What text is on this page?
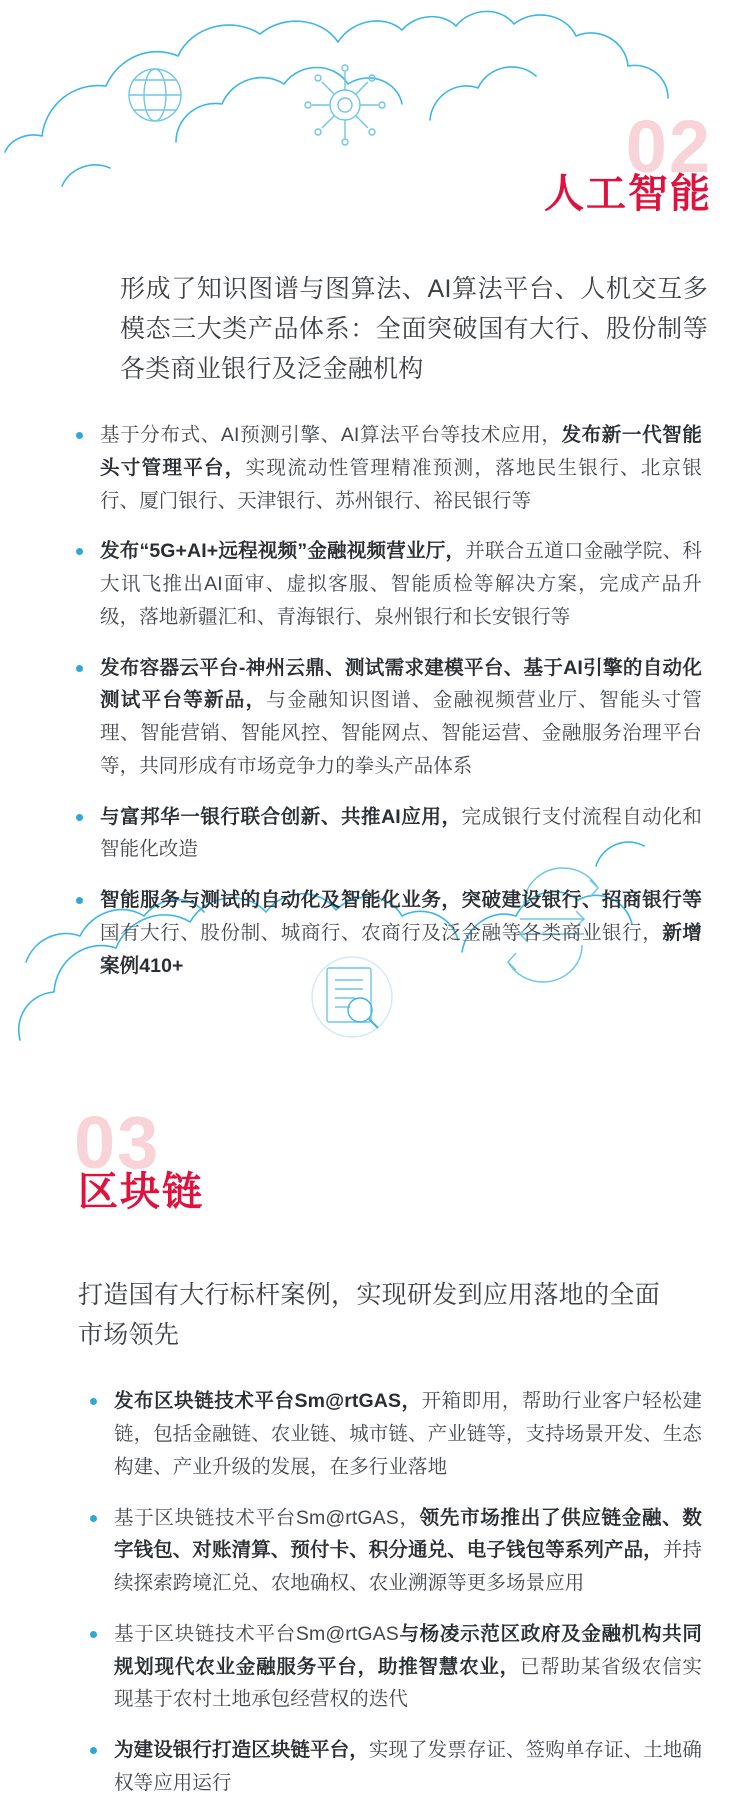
02
人工智能

形成了知识图谱与图算法、AI算法平台、人机交互多模态三大类产品体系：全面突破国有大行、股份制等各类商业银行及泛金融机构

基于分布式、AI预测引擎、AI算法平台等技术应用，发布新一代智能头寸管理平台，实现流动性管理精准预测，落地民生银行、北京银行、厦门银行、天津银行、苏州银行、裕民银行等
发布“5G+AI+远程视频”金融视频营业厅，并联合五道口金融学院、科大讯飞推出AI面审、虚拟客服、智能质检等解决方案，完成产品升级，落地新疆汇和、青海银行、泉州银行和长安银行等
发布容器云平台-神州云鼎、测试需求建模平台、基于AI引擎的自动化测试平台等新品，与金融知识图谱、金融视频营业厅、智能头寸管理、智能营销、智能风控、智能网点、智能运营、金融服务治理平台等，共同形成有市场竞争力的拳头产品体系
与富邦华一银行联合创新、共推AI应用，完成银行支付流程自动化和智能化改造
智能服务与测试的自动化及智能化业务，突破建设银行、招商银行等国有大行、股份制、城商行、农商行及泛金融等各类商业银行，新增案例410+
03
区块链

打造国有大行标杆案例，实现研发到应用落地的全面市场领先

发布区块链技术平台Sm@rtGAS，开箱即用，帮助行业客户轻松建链，包括金融链、农业链、城市链、产业链等，支持场景开发、生态构建、产业升级的发展，在多行业落地
基于区块链技术平台Sm@rtGAS，领先市场推出了供应链金融、数字钱包、对账清算、预付卡、积分通兑、电子钱包等系列产品，并持续探索跨境汇兑、农地确权、农业溯源等更多场景应用
基于区块链技术平台Sm@rtGAS与杨凌示范区政府及金融机构共同规划现代农业金融服务平台，助推智慧农业，已帮助某省级农信实现基于农村土地承包经营权的迭代
为建设银行打造区块链平台，实现了发票存证、签购单存证、土地确权等应用运行
